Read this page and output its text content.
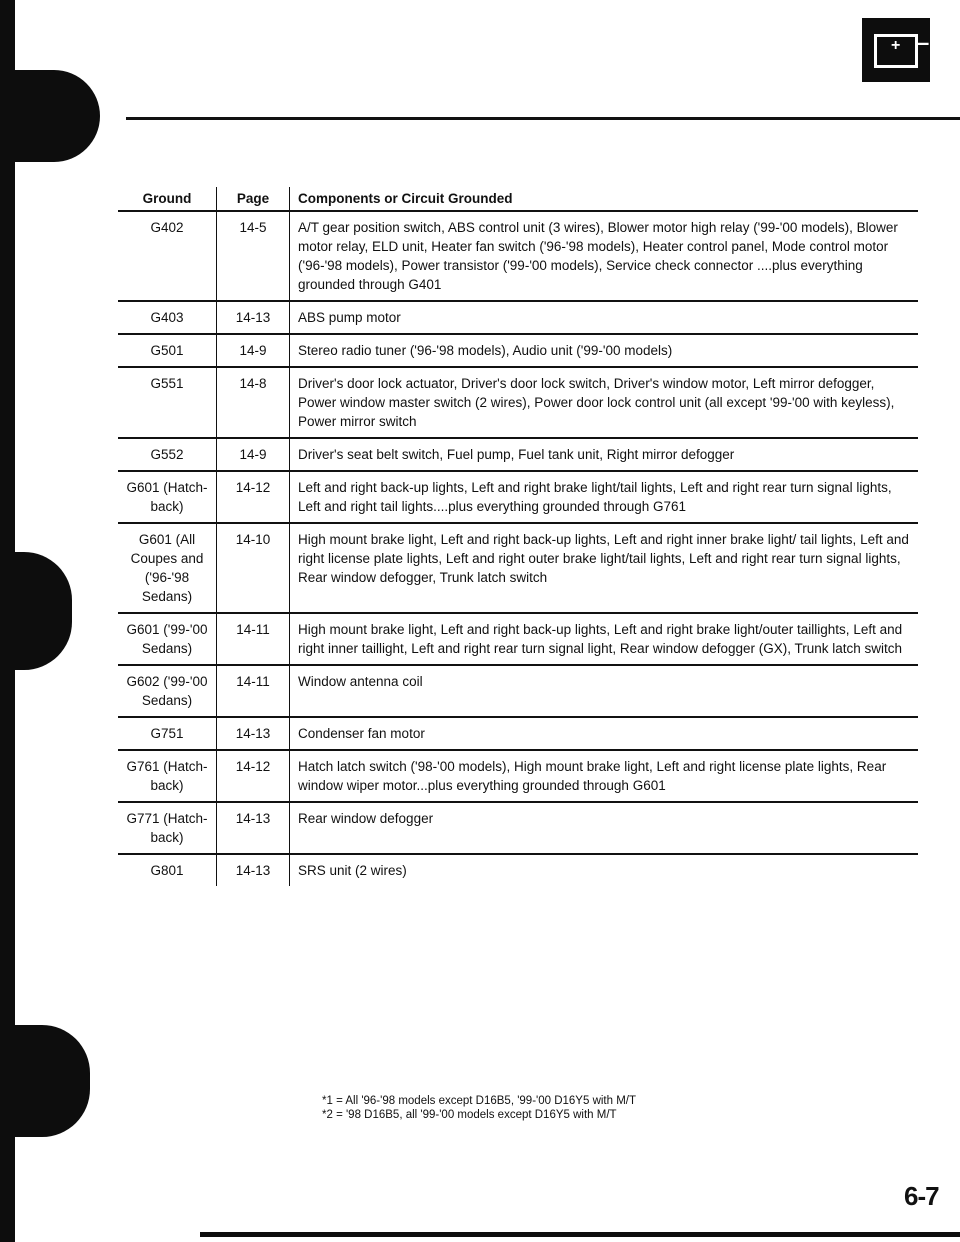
+ –
Ground	Page	Components or Circuit Grounded
G402	14-5	A/T gear position switch, ABS control unit (3 wires), Blower motor high relay ('99-'00 models), Blower motor relay, ELD unit, Heater fan switch ('96-'98 models), Heater control panel, Mode control motor ('96-'98 models), Power transistor ('99-'00 models), Service check connector ....plus everything grounded through G401
G403	14-13	ABS pump motor
G501	14-9	Stereo radio tuner ('96-'98 models), Audio unit ('99-'00 models)
G551	14-8	Driver's door lock actuator, Driver's door lock switch, Driver's window motor, Left mirror defogger, Power window master switch (2 wires), Power door lock control unit (all except '99-'00 with keyless), Power mirror switch
G552	14-9	Driver's seat belt switch, Fuel pump, Fuel tank unit, Right mirror defogger
G601 (Hatch-back)	14-12	Left and right back-up lights, Left and right brake light/tail lights, Left and right rear turn signal lights, Left and right tail lights....plus everything grounded through G761
G601 (All Coupes and ('96-'98 Sedans)	14-10	High mount brake light, Left and right back-up lights, Left and right inner brake light/ tail lights, Left and right license plate lights, Left and right outer brake light/tail lights, Left and right rear turn signal lights, Rear window defogger, Trunk latch switch
G601 ('99-'00 Sedans)	14-11	High mount brake light, Left and right back-up lights, Left and right brake light/outer taillights, Left and right inner taillight, Left and right rear turn signal light, Rear window defogger (GX), Trunk latch switch
G602 ('99-'00 Sedans)	14-11	Window antenna coil
G751	14-13	Condenser fan motor
G761 (Hatch-back)	14-12	Hatch latch switch ('98-'00 models), High mount brake light, Left and right license plate lights, Rear window wiper motor...plus everything grounded through G601
G771 (Hatch-back)	14-13	Rear window defogger
G801	14-13	SRS unit (2 wires)
*1 = All '96-'98 models except D16B5, '99-'00 D16Y5 with M/T
*2 = '98 D16B5, all '99-'00 models except D16Y5 with M/T
6-7
